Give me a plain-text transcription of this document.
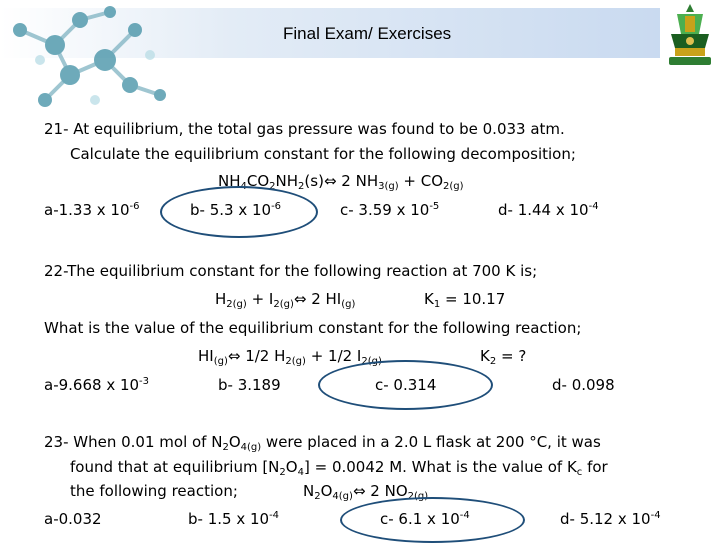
Final Exam/ Exercises
21- At equilibrium, the total gas pressure was found to be 0.033 atm.
Calculate the equilibrium constant for the following decomposition;
$NH_4CO_2NH_2(s)\Leftrightarrow$ 2 $NH_{3(g)} + CO_{2(g)}$
a-1.33 x $10^{-6}$	b- 5.3 x $10^{-6}$	c- 3.59 x $10^{-5}$	d- 1.44 x $10^{-4}$
22-The equilibrium constant for the following reaction at 700 K is;
$H_{2(g)}$ + $I_{2(g)}\Leftrightarrow$ 2 $HI_{(g)}$	$K_1 = 10.17$
What is the value of the equilibrium constant for the following reaction;
$HI_{(g)}\Leftrightarrow$ 1/2 $H_{2(g)} + 1/2$ $I_{2(g)}$	$K_2$ = ?
a-9.668 x $10^{-3}$	b- 3.189	c- 0.314	d- 0.098
23- When 0.01 mol of $N_2O_{4(g)}$ were placed in a 2.0 L flask at 200 °C, it was
found that at equilibrium $[N_2O_4] = 0.0042$ M. What is the value of $K_c$ for
the following reaction;	$N_2O_{4(g)}\Leftrightarrow$ 2 $NO_{2(g)}$
a-0.032	b- 1.5 x $10^{-4}$	c- 6.1 x $10^{-4}$	d- 5.12 x $10^{-4}$
